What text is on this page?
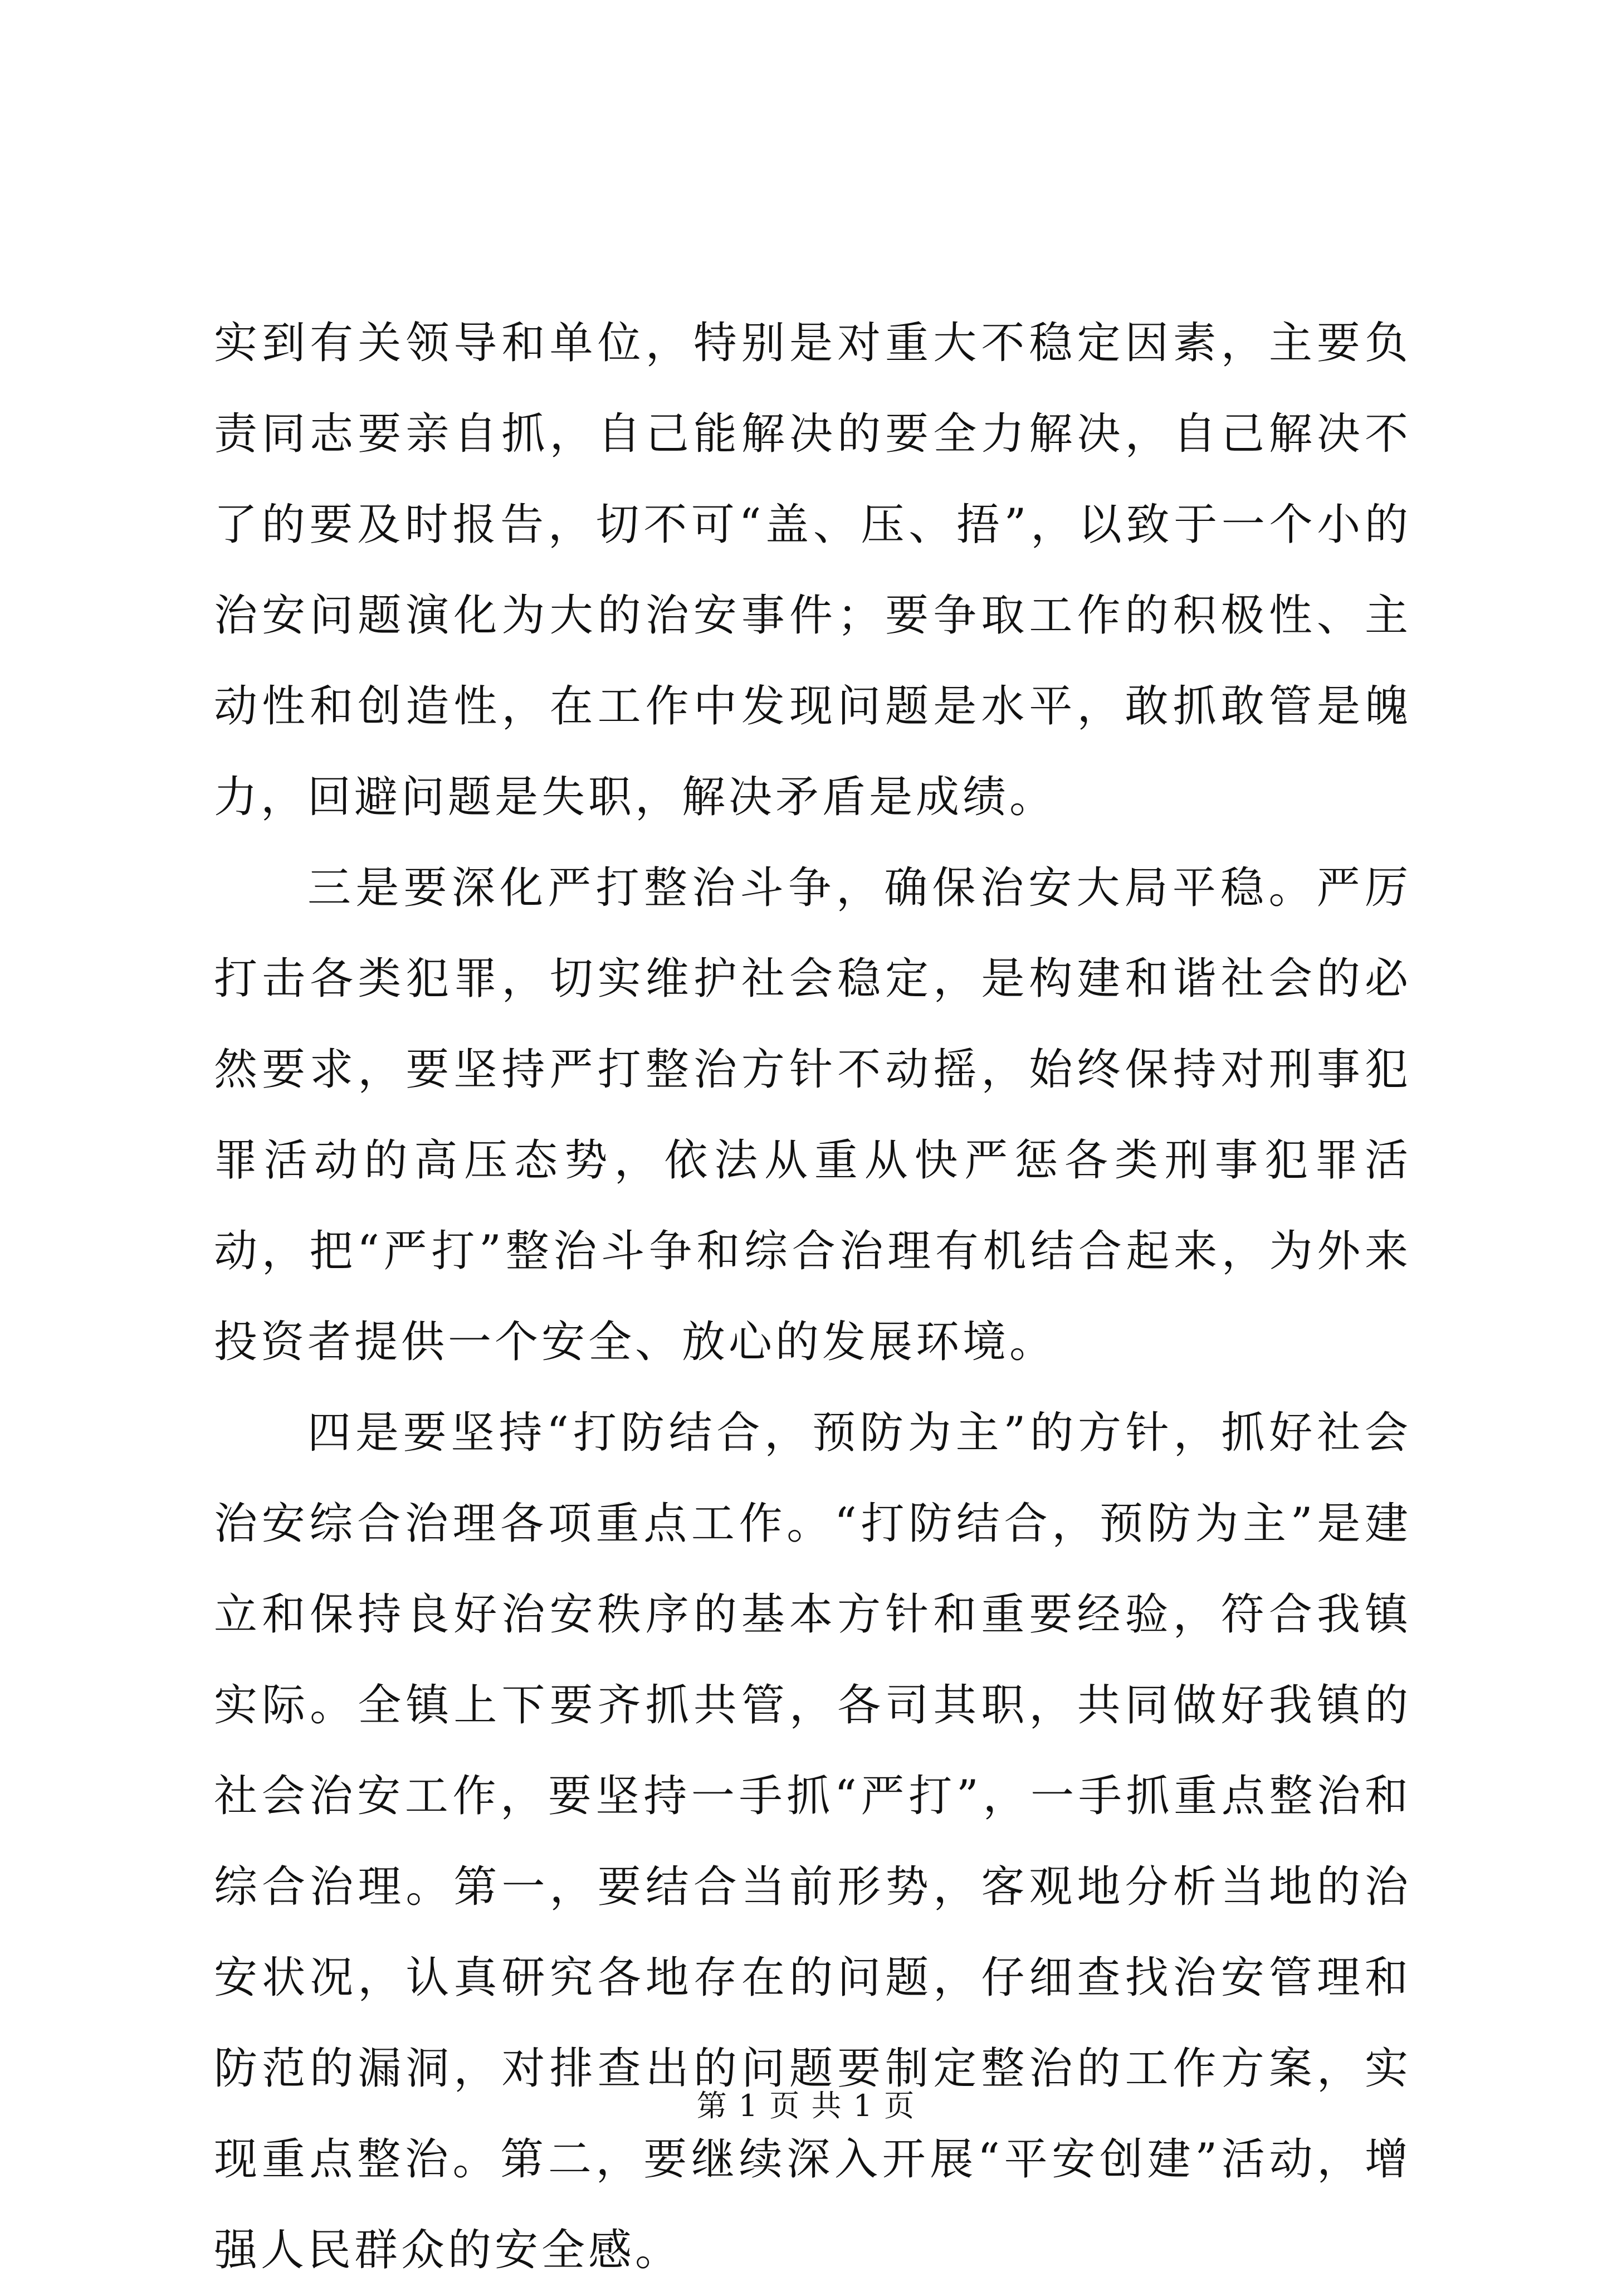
实到有关领导和单位，特别是对重大不稳定因素，主要负责同志要亲自抓，自己能解决的要全力解决，自己解决不了的要及时报告，切不可“盖、压、捂”，以致于一个小的治安问题演化为大的治安事件；要争取工作的积极性、主动性和创造性，在工作中发现问题是水平，敢抓敢管是魄力，回避问题是失职，解决矛盾是成绩。

三是要深化严打整治斗争，确保治安大局平稳。严厉打击各类犯罪，切实维护社会稳定，是构建和谐社会的必然要求，要坚持严打整治方针不动摇，始终保持对刑事犯罪活动的高压态势，依法从重从快严惩各类刑事犯罪活动，把“严打”整治斗争和综合治理有机结合起来，为外来投资者提供一个安全、放心的发展环境。

四是要坚持“打防结合，预防为主”的方针，抓好社会治安综合治理各项重点工作。“打防结合，预防为主”是建立和保持良好治安秩序的基本方针和重要经验，符合我镇实际。全镇上下要齐抓共管，各司其职，共同做好我镇的社会治安工作，要坚持一手抓“严打”，一手抓重点整治和综合治理。第一，要结合当前形势，客观地分析当地的治安状况，认真研究各地存在的问题，仔细查找治安管理和防范的漏洞，对排查出的问题要制定整治的工作方案，实现重点整治。第二，要继续深入开展“平安创建”活动，增强人民群众的安全感。

第 1 页 共 1 页
